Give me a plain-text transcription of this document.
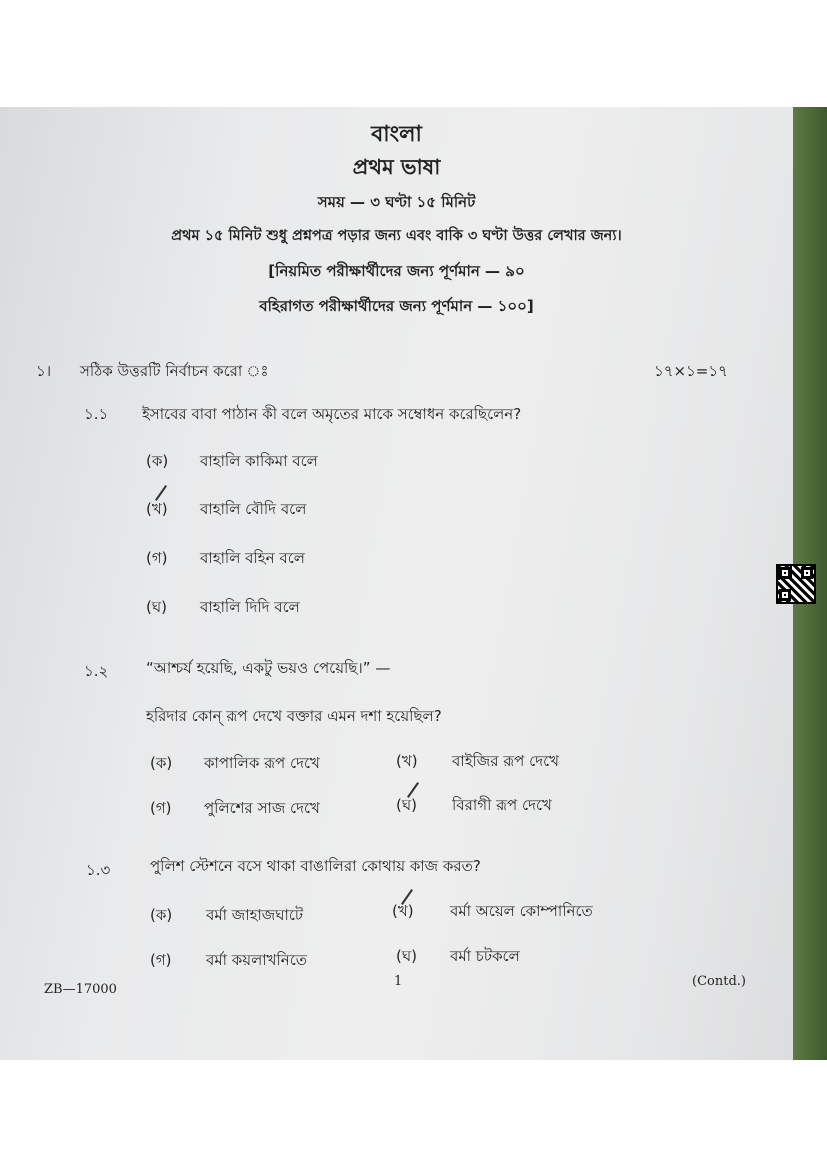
বাংলা
প্রথম ভাষা
সময় — ৩ ঘণ্টা ১৫ মিনিট
প্রথম ১৫ মিনিট শুধু প্রশ্নপত্র পড়ার জন্য এবং বাকি ৩ ঘণ্টা উত্তর লেখার জন্য।
[নিয়মিত পরীক্ষার্থীদের জন্য পূর্ণমান — ৯০
বহিরাগত পরীক্ষার্থীদের জন্য পূর্ণমান — ১০০]
১। সঠিক উত্তরটি নির্বাচন করো ঃ	১৭×১=১৭
১.১ ইসাবের বাবা পাঠান কী বলে অমৃতের মাকে সম্বোধন করেছিলেন?
(ক) বাহালি কাকিমা বলে
(খ) বাহালি বৌদি বলে
(গ) বাহালি বহিন বলে
(ঘ) বাহালি দিদি বলে
১.২	“আশ্চর্য হয়েছি, একটু ভয়ও পেয়েছি।” —
হরিদার কোন্ রূপ দেখে বক্তার এমন দশা হয়েছিল?
(ক) কাপালিক রূপ দেখে	(খ) বাইজির রূপ দেখে
(গ) পুলিশের সাজ দেখে	(ঘ) বিরাগী রূপ দেখে
১.৩	পুলিশ স্টেশনে বসে থাকা বাঙালিরা কোথায় কাজ করত?
(ক) বর্মা জাহাজঘাটে	(খ) বর্মা অয়েল কোম্পানিতে
(গ) বর্মা কয়লাখনিতে	(ঘ) বর্মা চটকলে
ZB—17000
1	(Contd.)
